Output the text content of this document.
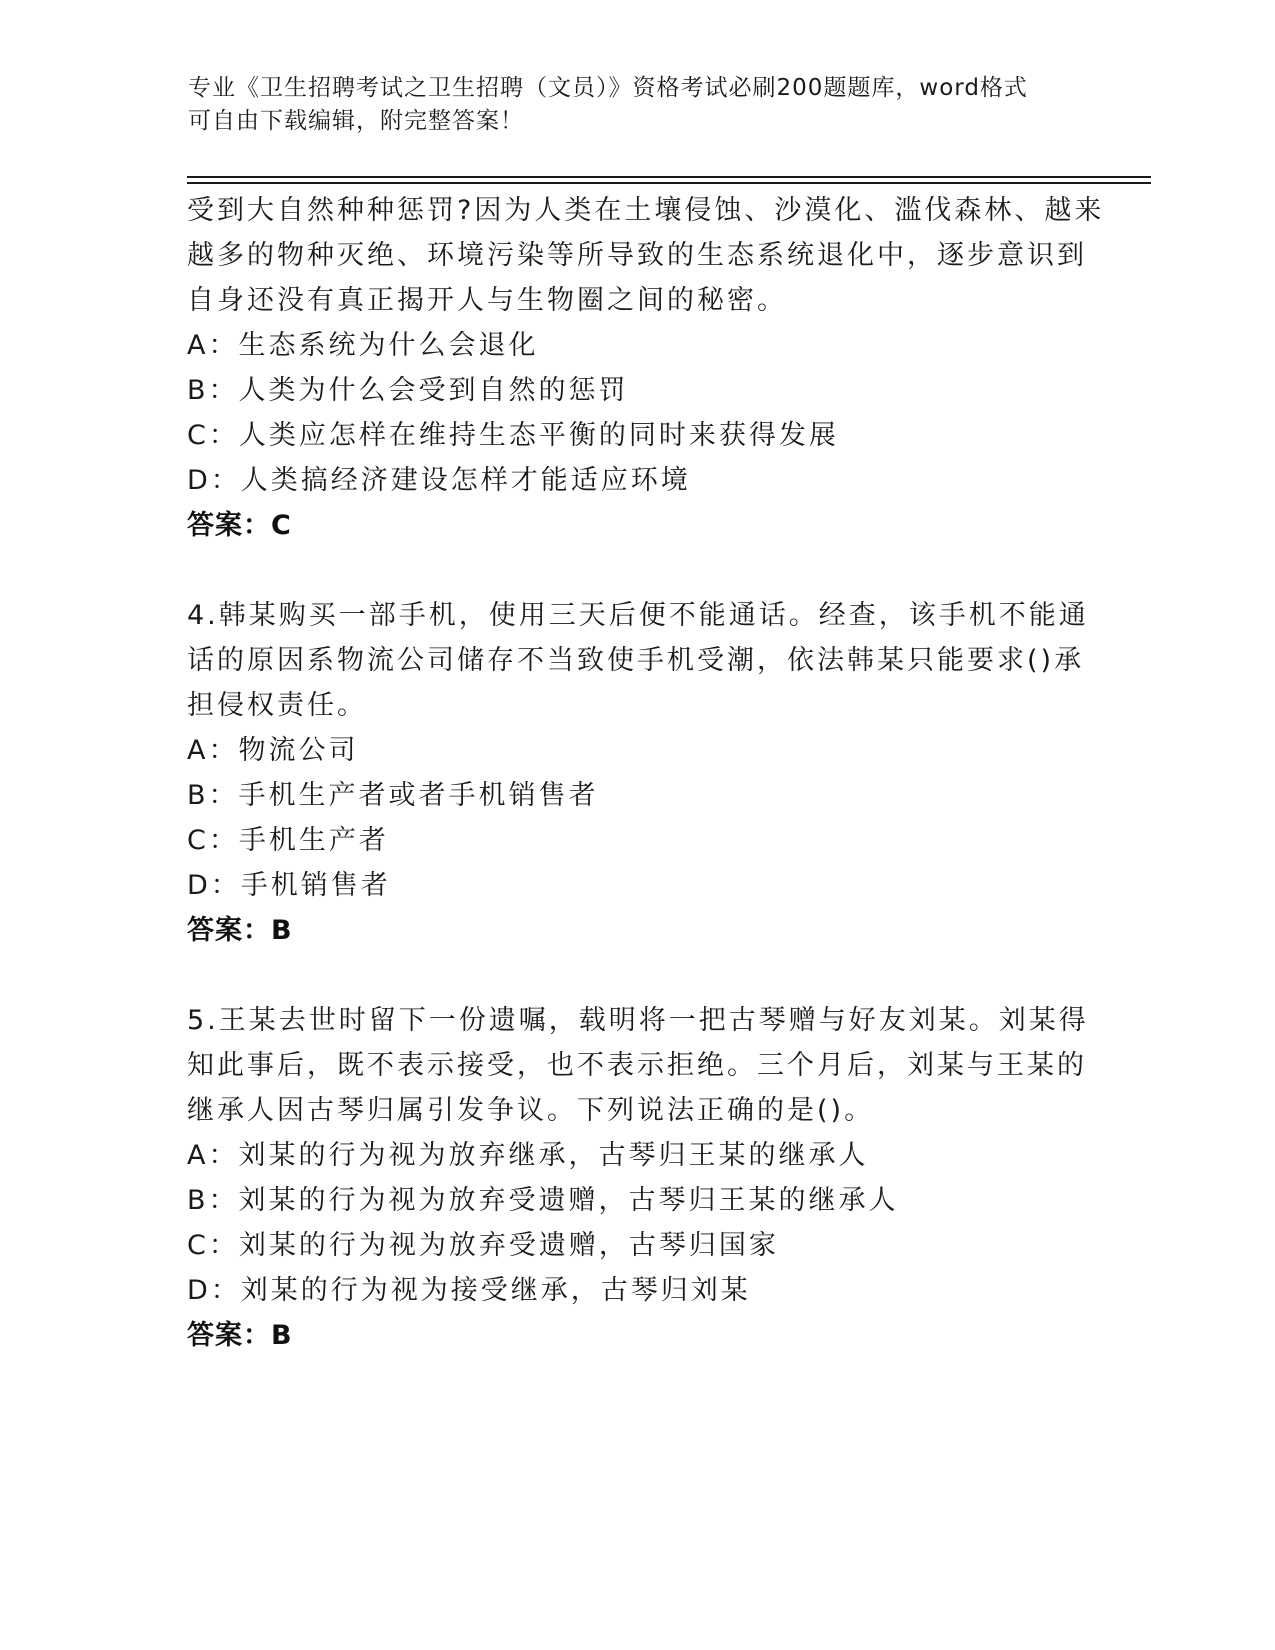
专业《卫生招聘考试之卫生招聘（文员）》资格考试必刷200题题库，word格式
可自由下载编辑，附完整答案！
受到大自然种种惩罚?因为人类在土壤侵蚀、沙漠化、滥伐森林、越来
越多的物种灭绝、环境污染等所导致的生态系统退化中，逐步意识到
自身还没有真正揭开人与生物圈之间的秘密。
A：生态系统为什么会退化
B：人类为什么会受到自然的惩罚
C：人类应怎样在维持生态平衡的同时来获得发展
D：人类搞经济建设怎样才能适应环境
答案：C
4.韩某购买一部手机，使用三天后便不能通话。经查，该手机不能通
话的原因系物流公司储存不当致使手机受潮，依法韩某只能要求()承
担侵权责任。
A：物流公司
B：手机生产者或者手机销售者
C：手机生产者
D：手机销售者
答案：B
5.王某去世时留下一份遗嘱，载明将一把古琴赠与好友刘某。刘某得
知此事后，既不表示接受，也不表示拒绝。三个月后，刘某与王某的
继承人因古琴归属引发争议。下列说法正确的是()。
A：刘某的行为视为放弃继承，古琴归王某的继承人
B：刘某的行为视为放弃受遗赠，古琴归王某的继承人
C：刘某的行为视为放弃受遗赠，古琴归国家
D：刘某的行为视为接受继承，古琴归刘某
答案：B
